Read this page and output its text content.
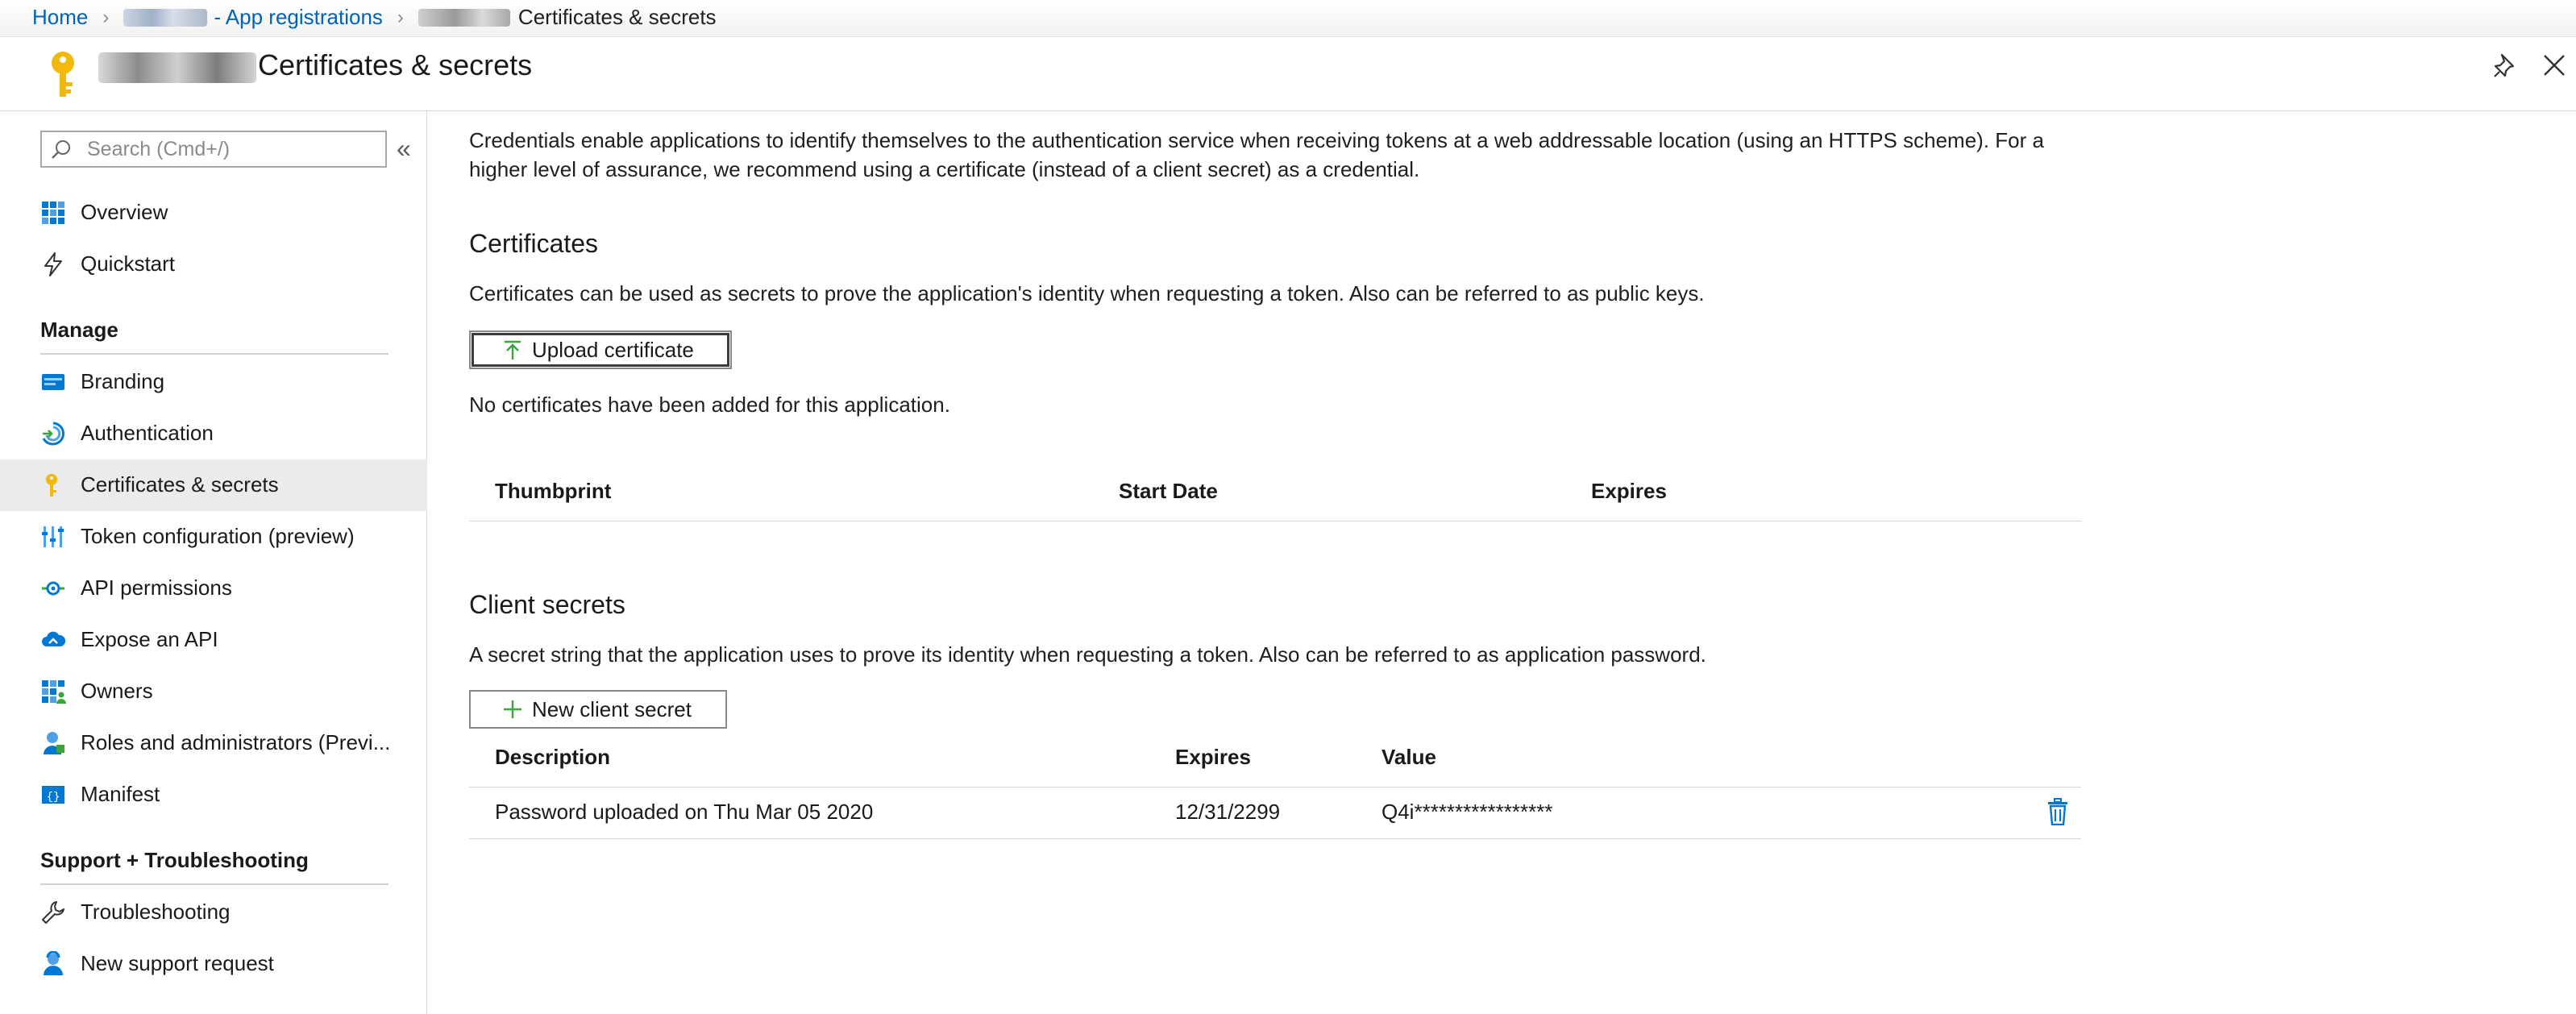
Home ›	- App registrations ›	Certificates & secrets
Certificates & secrets
Search (Cmd+/)
«
Overview
Quickstart
Manage
Branding
Authentication
Certificates & secrets
Token configuration (preview)
API permissions
Expose an API
Owners
Roles and administrators (Previ...
{} Manifest
Support + Troubleshooting
Troubleshooting
New support request
Credentials enable applications to identify themselves to the authentication service when receiving tokens at a web addressable location (using an HTTPS scheme). For a
higher level of assurance, we recommend using a certificate (instead of a client secret) as a credential.
Certificates
Certificates can be used as secrets to prove the application's identity when requesting a token. Also can be referred to as public keys.
Upload certificate
No certificates have been added for this application.
Thumbprint	Start Date	Expires
Client secrets
A secret string that the application uses to prove its identity when requesting a token. Also can be referred to as application password.
New client secret
Description	Expires	Value
Password uploaded on Thu Mar 05 2020	12/31/2299	Q4i*****************
